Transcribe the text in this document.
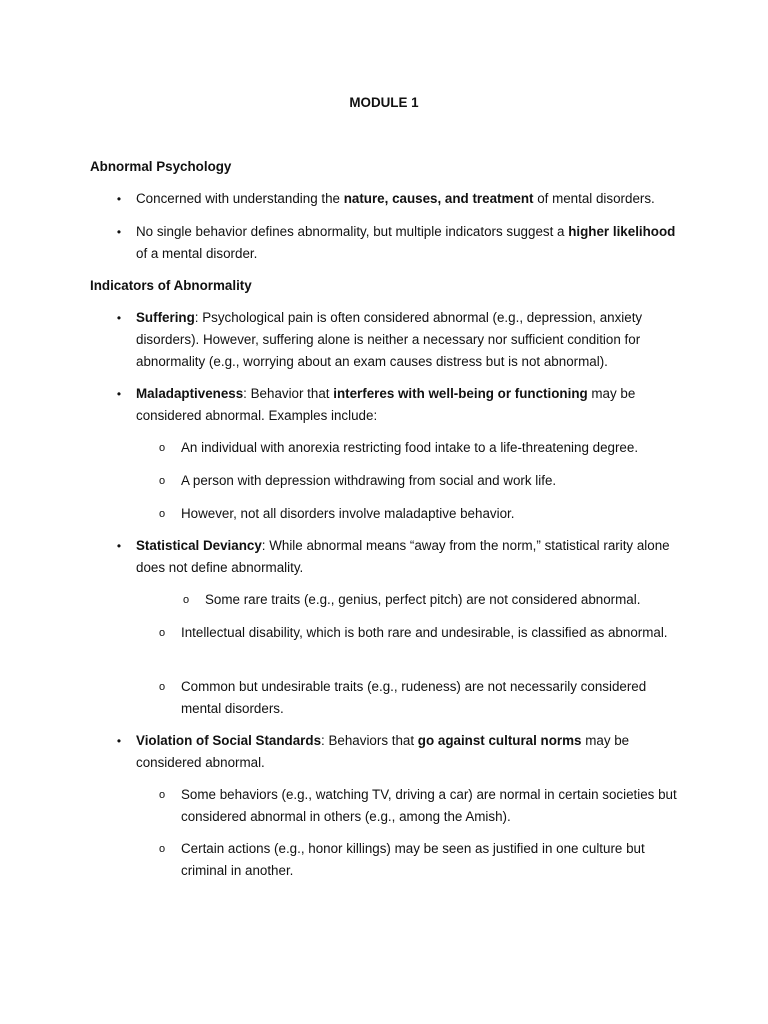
MODULE 1
Abnormal Psychology
• Concerned with understanding the nature, causes, and treatment of mental disorders.
• No single behavior defines abnormality, but multiple indicators suggest a higher likelihood of a mental disorder.
Indicators of Abnormality
• Suffering: Psychological pain is often considered abnormal (e.g., depression, anxiety disorders). However, suffering alone is neither a necessary nor sufficient condition for abnormality (e.g., worrying about an exam causes distress but is not abnormal).
• Maladaptiveness: Behavior that interferes with well-being or functioning may be considered abnormal. Examples include:
o An individual with anorexia restricting food intake to a life-threatening degree.
o A person with depression withdrawing from social and work life.
o However, not all disorders involve maladaptive behavior.
• Statistical Deviancy: While abnormal means “away from the norm,” statistical rarity alone does not define abnormality.
o Some rare traits (e.g., genius, perfect pitch) are not considered abnormal.
o Intellectual disability, which is both rare and undesirable, is classified as abnormal.
o Common but undesirable traits (e.g., rudeness) are not necessarily considered mental disorders.
• Violation of Social Standards: Behaviors that go against cultural norms may be considered abnormal.
o Some behaviors (e.g., watching TV, driving a car) are normal in certain societies but considered abnormal in others (e.g., among the Amish).
o Certain actions (e.g., honor killings) may be seen as justified in one culture but criminal in another.
